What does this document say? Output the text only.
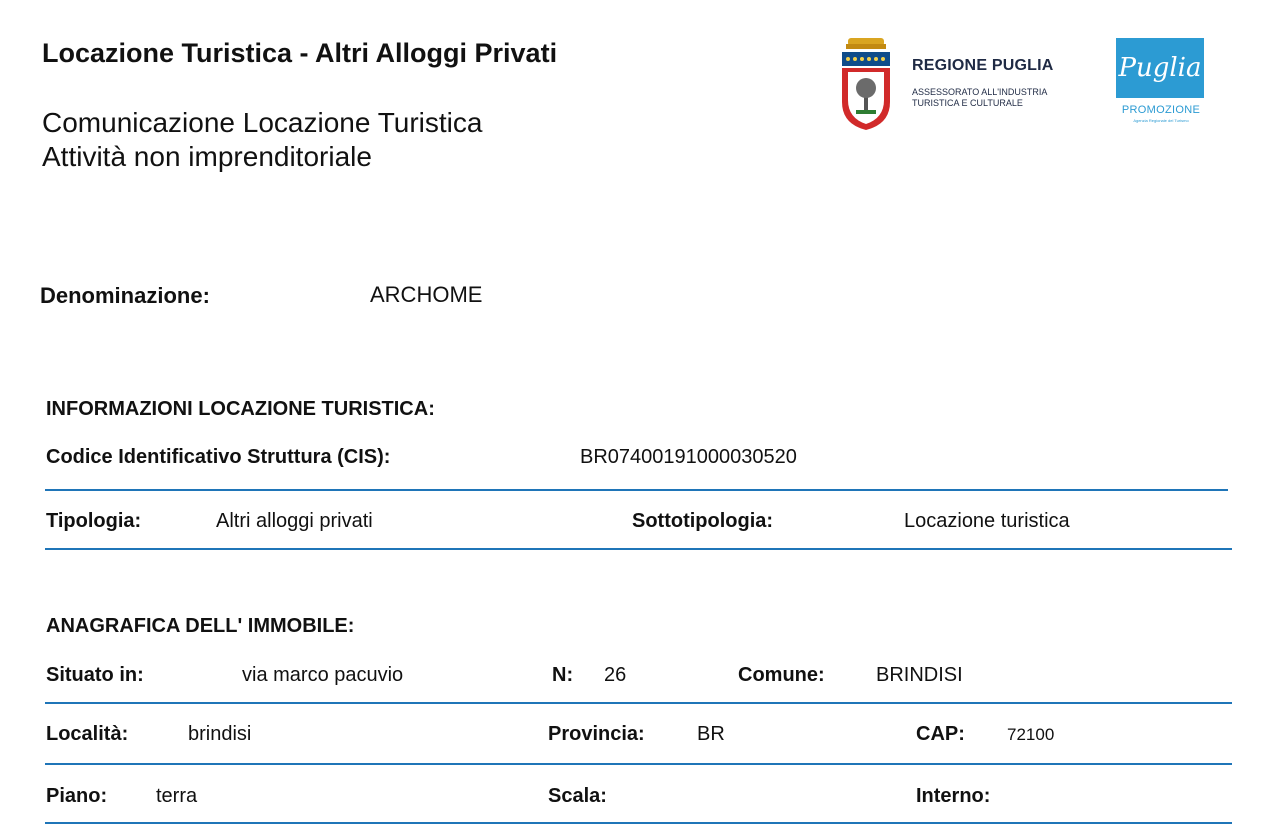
Locazione Turistica - Altri Alloggi Privati
Comunicazione Locazione Turistica
Attività non imprenditoriale
REGIONE PUGLIA
ASSESSORATO ALL'INDUSTRIA
TURISTICA E CULTURALE
Puglia
PROMOZIONE
Agenzia Regionale del Turismo
Denominazione:	ARCHOME
INFORMAZIONI LOCAZIONE TURISTICA:
Codice Identificativo Struttura (CIS):	BR07400191000030520
Tipologia:	Altri alloggi privati	Sottotipologia:	Locazione turistica
ANAGRAFICA DELL' IMMOBILE:
Situato in:	via marco pacuvio	N: 26	Comune:	BRINDISI
Località:	brindisi	Provincia:	BR	CAP: 72100
Piano: terra	Scala:	Interno:
